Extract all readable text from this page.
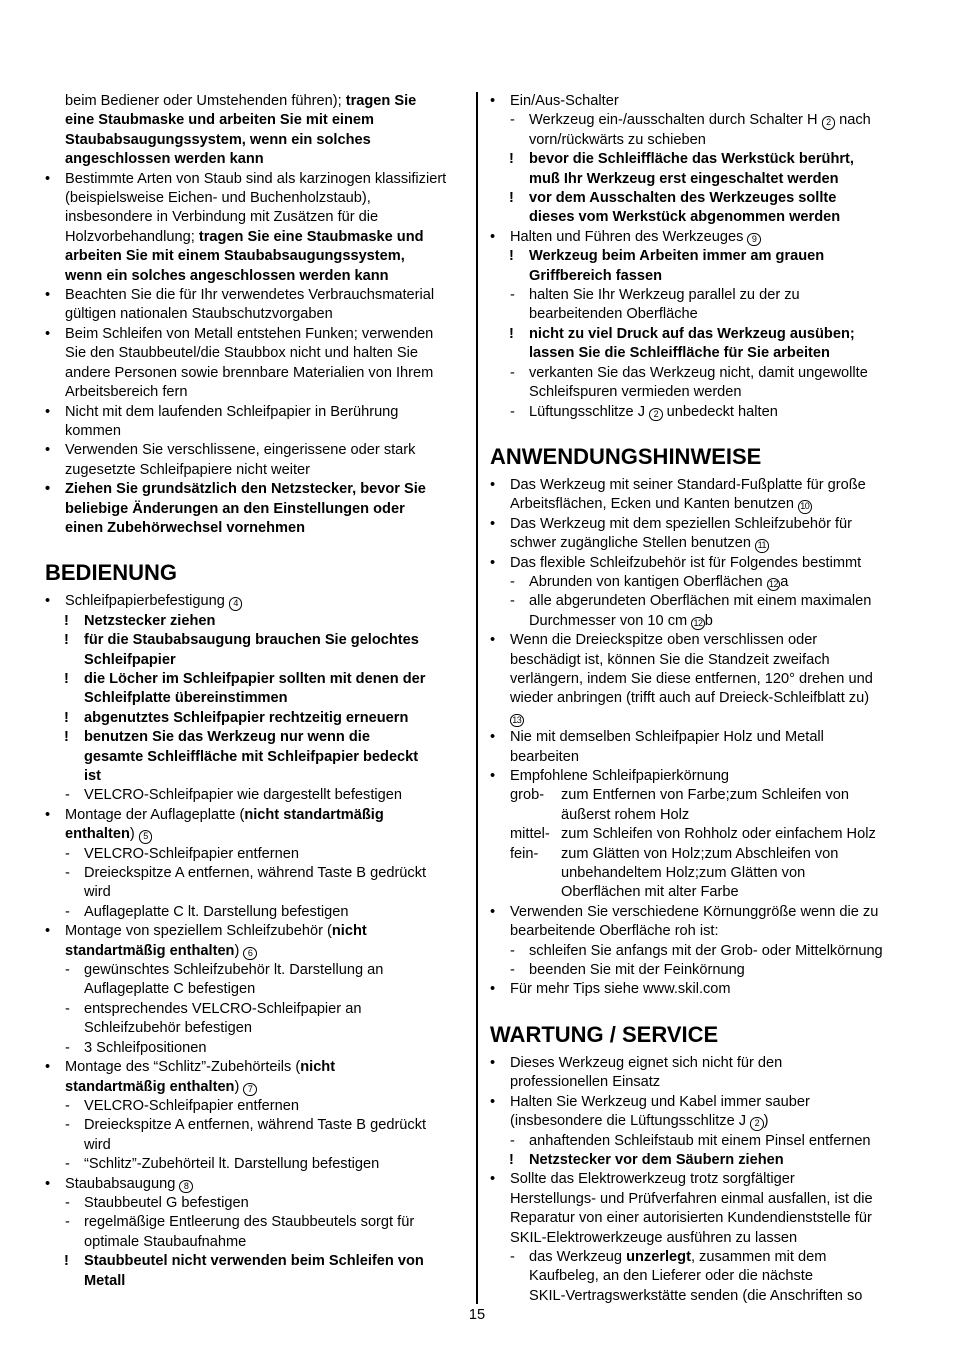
beim Bediener oder Umstehenden führen); tragen Sie
eine Staubmaske und arbeiten Sie mit einem
Staubabsaugungssystem, wenn ein solches
angeschlossen werden kann
• Bestimmte Arten von Staub sind als karzinogen klassifiziert
(beispielsweise Eichen- und Buchenholzstaub),
insbesondere in Verbindung mit Zusätzen für die
Holzvorbehandlung; tragen Sie eine Staubmaske und
arbeiten Sie mit einem Staubabsaugungssystem,
wenn ein solches angeschlossen werden kann
• Beachten Sie die für Ihr verwendetes Verbrauchsmaterial
gültigen nationalen Staubschutzvorgaben
• Beim Schleifen von Metall entstehen Funken; verwenden
Sie den Staubbeutel/die Staubbox nicht und halten Sie
andere Personen sowie brennbare Materialien von Ihrem
Arbeitsbereich fern
• Nicht mit dem laufenden Schleifpapier in Berührung
kommen
• Verwenden Sie verschlissene, eingerissene oder stark
zugesetzte Schleifpapiere nicht weiter
• Ziehen Sie grundsätzlich den Netzstecker, bevor Sie
beliebige Änderungen an den Einstellungen oder
einen Zubehörwechsel vornehmen
BEDIENUNG
• Schleifpapierbefestigung 4
! Netzstecker ziehen
! für die Staubabsaugung brauchen Sie gelochtes
Schleifpapier
! die Löcher im Schleifpapier sollten mit denen der
Schleifplatte übereinstimmen
! abgenutztes Schleifpapier rechtzeitig erneuern
! benutzen Sie das Werkzeug nur wenn die
gesamte Schleiffläche mit Schleifpapier bedeckt
ist
- VELCRO-Schleifpapier wie dargestellt befestigen
• Montage der Auflageplatte (nicht standartmäßig
enthalten) 5
- VELCRO-Schleifpapier entfernen
- Dreieckspitze A entfernen, während Taste B gedrückt
wird
- Auflageplatte C lt. Darstellung befestigen
• Montage von speziellem Schleifzubehör (nicht
standartmäßig enthalten) 6
- gewünschtes Schleifzubehör lt. Darstellung an
Auflageplatte C befestigen
- entsprechendes VELCRO-Schleifpapier an
Schleifzubehör befestigen
- 3 Schleifpositionen
• Montage des “Schlitz”-Zubehörteils (nicht
standartmäßig enthalten) 7
- VELCRO-Schleifpapier entfernen
- Dreieckspitze A entfernen, während Taste B gedrückt
wird
- “Schlitz”-Zubehörteil lt. Darstellung befestigen
• Staubabsaugung 8
- Staubbeutel G befestigen
- regelmäßige Entleerung des Staubbeutels sorgt für
optimale Staubaufnahme
! Staubbeutel nicht verwenden beim Schleifen von
Metall
• Ein/Aus-Schalter
- Werkzeug ein-/ausschalten durch Schalter H 2 nach
vorn/rückwärts zu schieben
! bevor die Schleiffläche das Werkstück berührt,
muß Ihr Werkzeug erst eingeschaltet werden
! vor dem Ausschalten des Werkzeuges sollte
dieses vom Werkstück abgenommen werden
• Halten und Führen des Werkzeuges 9
! Werkzeug beim Arbeiten immer am grauen
Griffbereich fassen
- halten Sie Ihr Werkzeug parallel zu der zu
bearbeitenden Oberfläche
! nicht zu viel Druck auf das Werkzeug ausüben;
lassen Sie die Schleiffläche für Sie arbeiten
- verkanten Sie das Werkzeug nicht, damit ungewollte
Schleifspuren vermieden werden
- Lüftungsschlitze J 2 unbedeckt halten
ANWENDUNGSHINWEISE
• Das Werkzeug mit seiner Standard-Fußplatte für große
Arbeitsflächen, Ecken und Kanten benutzen 10
• Das Werkzeug mit dem speziellen Schleifzubehör für
schwer zugängliche Stellen benutzen 11
• Das flexible Schleifzubehör ist für Folgendes bestimmt
- Abrunden von kantigen Oberflächen 12 a
- alle abgerundeten Oberflächen mit einem maximalen
Durchmesser von 10 cm 12 b
• Wenn die Dreieckspitze oben verschlissen oder
beschädigt ist, können Sie die Standzeit zweifach
verlängern, indem Sie diese entfernen, 120° drehen und
wieder anbringen (trifft auch auf Dreieck-Schleifblatt zu)
13
• Nie mit demselben Schleifpapier Holz und Metall
bearbeiten
• Empfohlene Schleifpapierkörnung
grob- zum Entfernen von Farbe;zum Schleifen von
äußerst rohem Holz
mittel- zum Schleifen von Rohholz oder einfachem Holz
fein- zum Glätten von Holz;zum Abschleifen von
unbehandeltem Holz;zum Glätten von
Oberflächen mit alter Farbe
• Verwenden Sie verschiedene Körnunggröße wenn die zu
bearbeitende Oberfläche roh ist:
- schleifen Sie anfangs mit der Grob- oder Mittelkörnung
- beenden Sie mit der Feinkörnung
• Für mehr Tips siehe www.skil.com
WARTUNG / SERVICE
• Dieses Werkzeug eignet sich nicht für den
professionellen Einsatz
• Halten Sie Werkzeug und Kabel immer sauber
(insbesondere die Lüftungsschlitze J 2 )
- anhaftenden Schleifstaub mit einem Pinsel entfernen
! Netzstecker vor dem Säubern ziehen
• Sollte das Elektrowerkzeug trotz sorgfältiger
Herstellungs- und Prüfverfahren einmal ausfallen, ist die
Reparatur von einer autorisierten Kundendienststelle für
SKIL-Elektrowerkzeuge ausführen zu lassen
- das Werkzeug unzerlegt, zusammen mit dem
Kaufbeleg, an den Lieferer oder die nächste
SKIL-Vertragswerkstätte senden (die Anschriften so
15
